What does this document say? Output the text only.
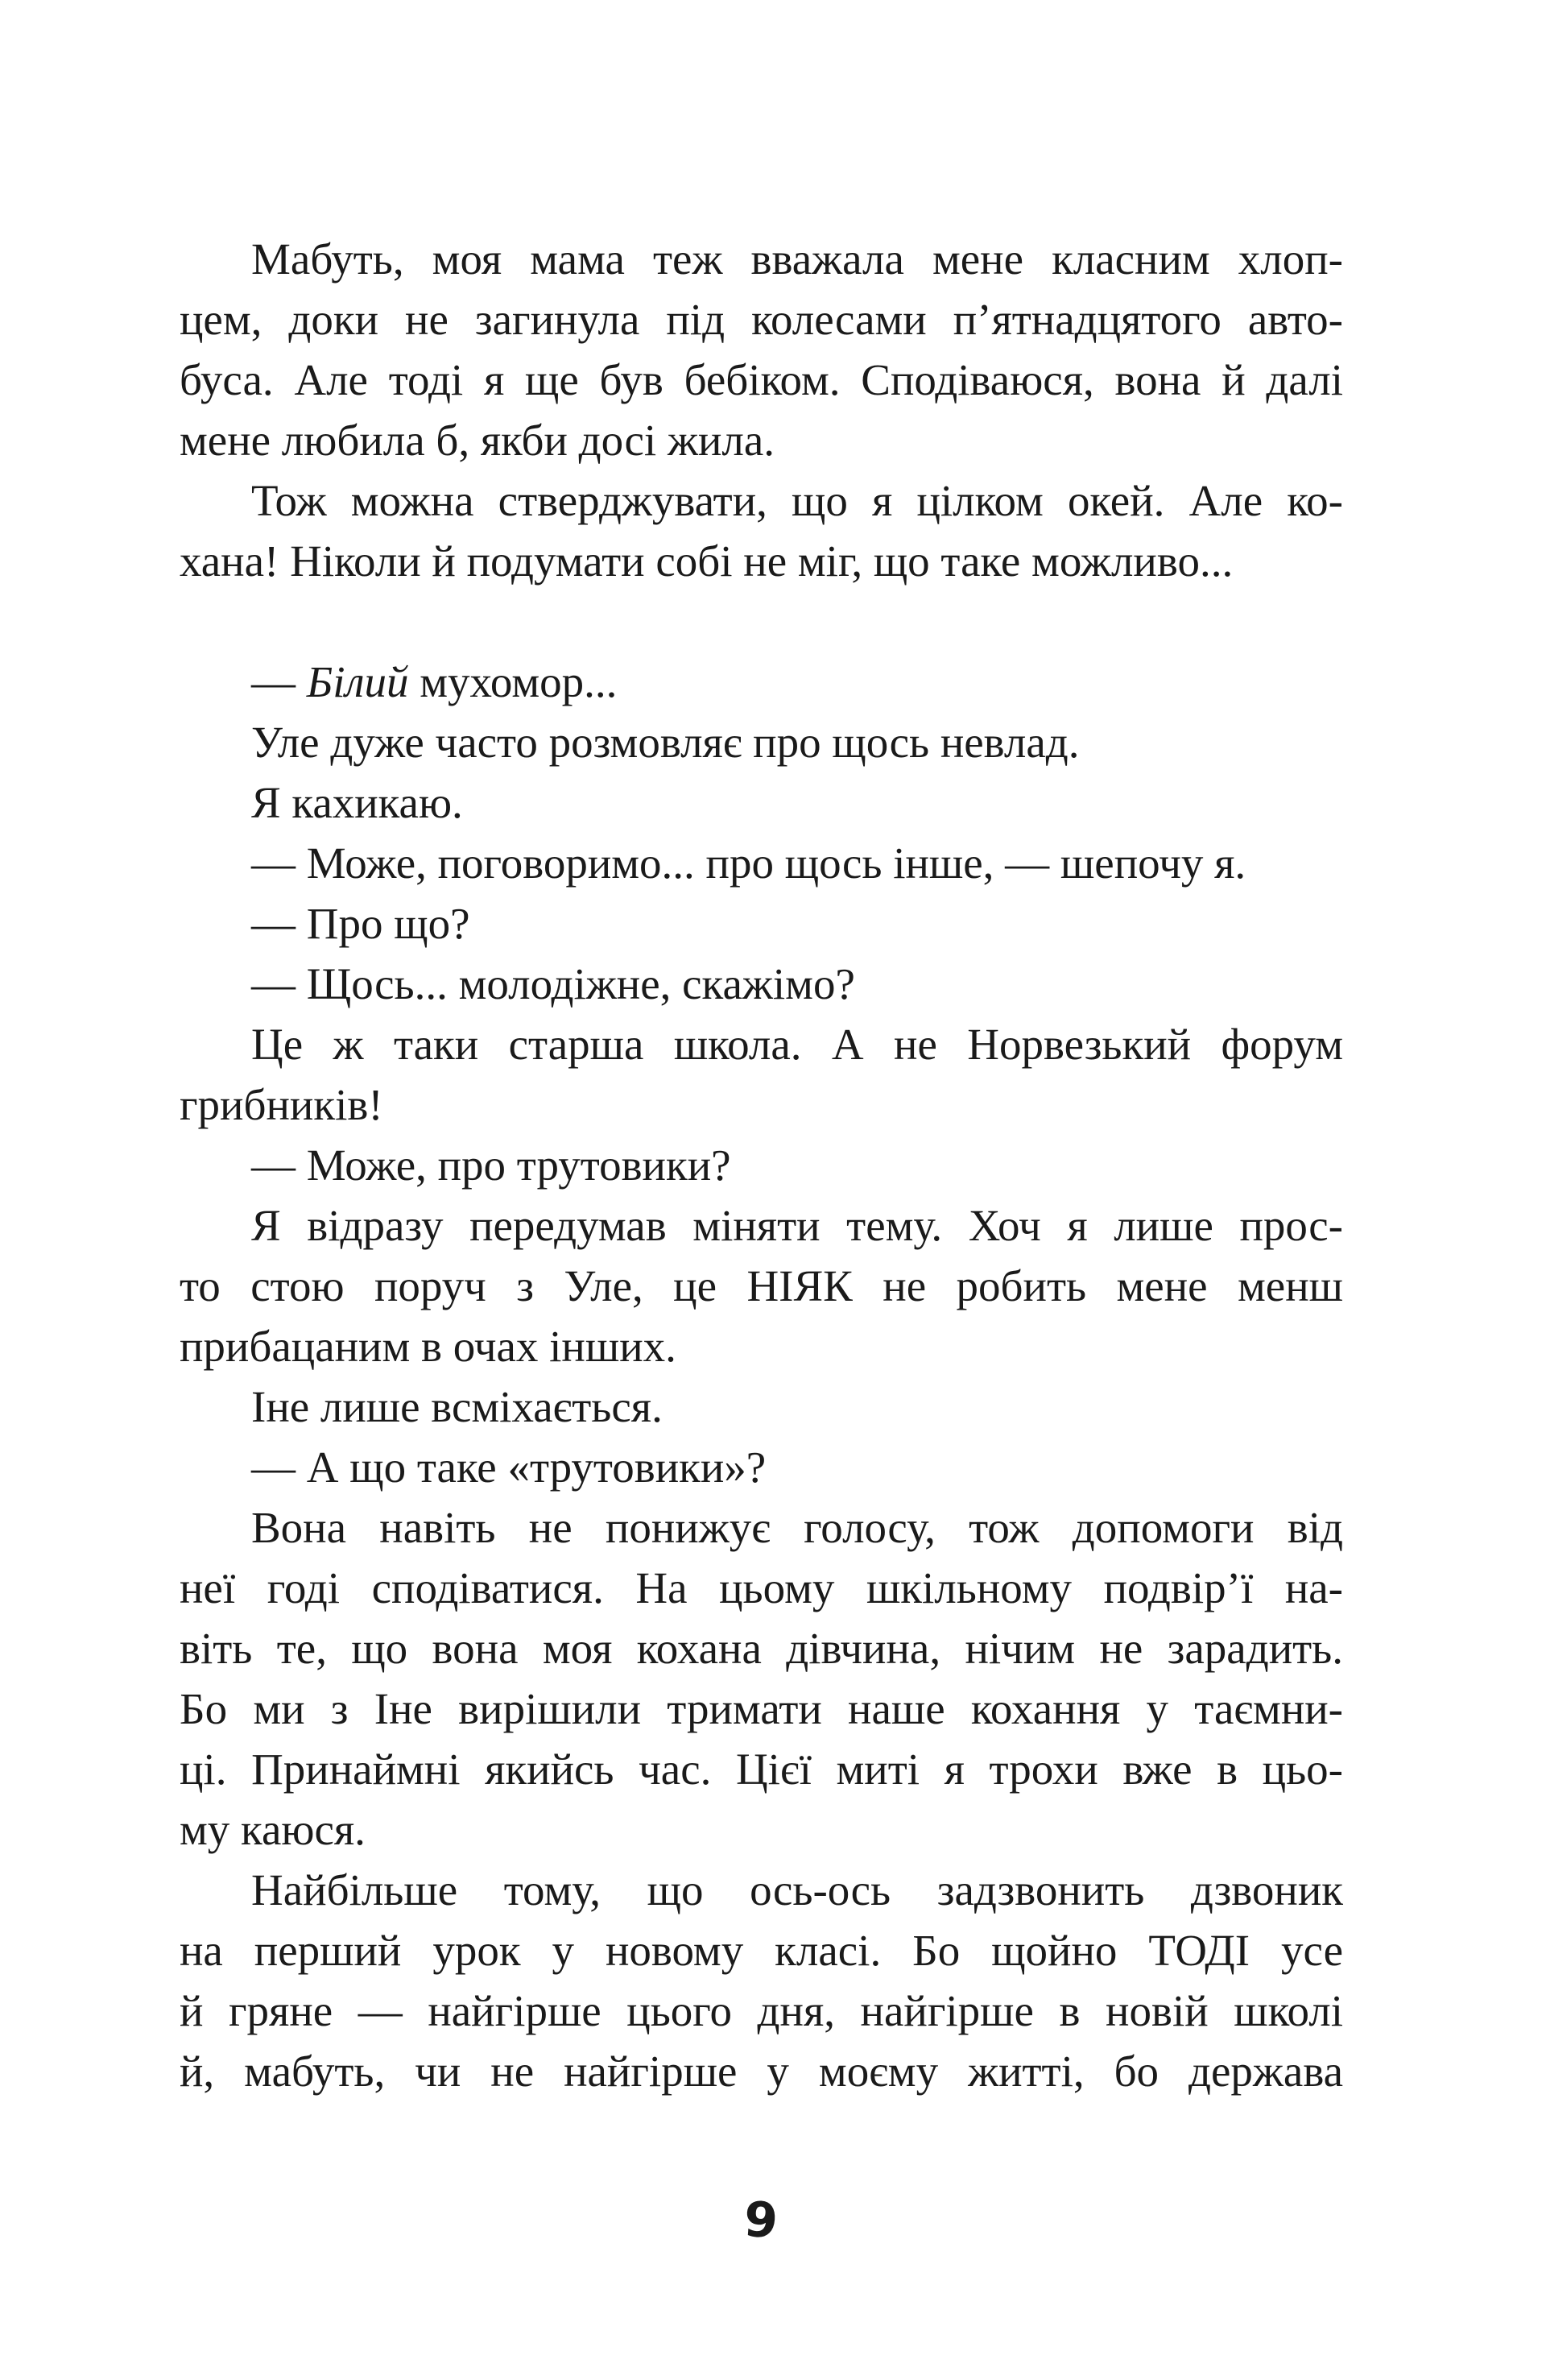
Мабуть, моя мама теж вважала мене класним хлоп-
цем, доки не загинула під колесами п’ятнадцятого авто-
буса. Але тоді я ще був бебіком. Сподіваюся, вона й далі
мене любила б, якби досі жила.
Тож можна стверджувати, що я цілком окей. Але ко-
хана! Ніколи й подумати собі не міг, що таке можливо...
— Білий мухомор...
Уле дуже часто розмовляє про щось невлад.
Я кахикаю.
— Може, поговоримо... про щось інше, — шепочу я.
— Про що?
— Щось... молодіжне, скажімо?
Це ж таки старша школа. А не Норвезький форум
грибників!
— Може, про трутовики?
Я відразу передумав міняти тему. Хоч я лише прос-
то стою поруч з Уле, це НІЯК не робить мене менш
прибацаним в очах інших.
Іне лише всміхається.
— А що таке «трутовики»?
Вона навіть не понижує голосу, тож допомоги від
неї годі сподіватися. На цьому шкільному подвір’ї на-
віть те, що вона моя кохана дівчина, нічим не зарадить.
Бо ми з Іне вирішили тримати наше кохання у таємни-
ці. Принаймні якийсь час. Цієї миті я трохи вже в цьо-
му каюся.
Найбільше тому, що ось-ось задзвонить дзвоник
на перший урок у новому класі. Бо щойно ТОДІ усе
й гряне — найгірше цього дня, найгірше в новій школі
й, мабуть, чи не найгірше у моєму житті, бо держава
9
